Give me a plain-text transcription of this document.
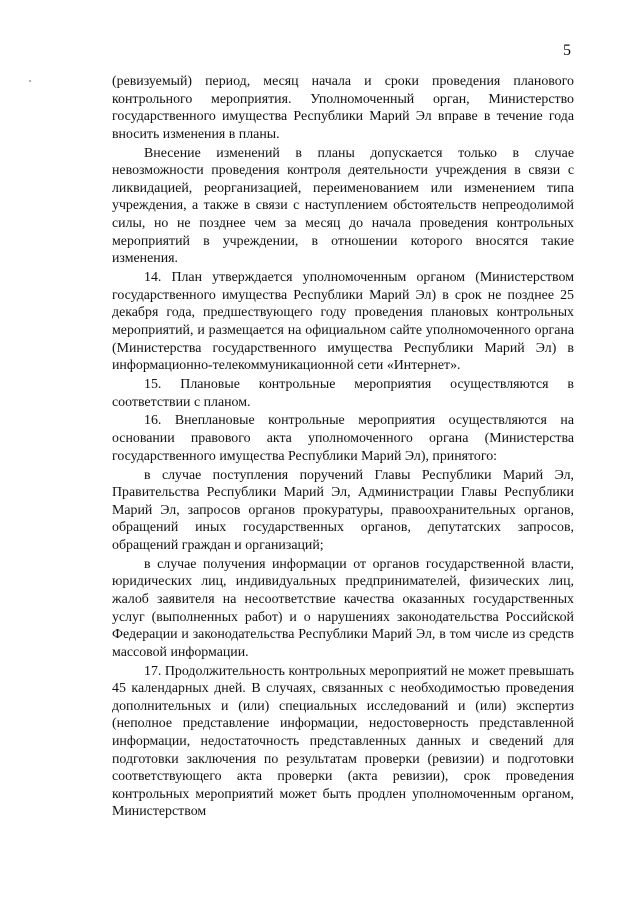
5

(ревизуемый) период, месяц начала и сроки проведения планового контрольного мероприятия. Уполномоченный орган, Министерство государственного имущества Республики Марий Эл вправе в течение года вносить изменения в планы.

Внесение изменений в планы допускается только в случае невозможности проведения контроля деятельности учреждения в связи с ликвидацией, реорганизацией, переименованием или изменением типа учреждения, а также в связи с наступлением обстоятельств непреодолимой силы, но не позднее чем за месяц до начала проведения контрольных мероприятий в учреждении, в отношении которого вносятся такие изменения.

14. План утверждается уполномоченным органом (Министерством государственного имущества Республики Марий Эл) в срок не позднее 25 декабря года, предшествующего году проведения плановых контрольных мероприятий, и размещается на официальном сайте уполномоченного органа (Министерства государственного имущества Республики Марий Эл) в информационно-телекоммуникационной сети «Интернет».

15. Плановые контрольные мероприятия осуществляются в соответствии с планом.

16. Внеплановые контрольные мероприятия осуществляются на основании правового акта уполномоченного органа (Министерства государственного имущества Республики Марий Эл), принятого:

в случае поступления поручений Главы Республики Марий Эл, Правительства Республики Марий Эл, Администрации Главы Республики Марий Эл, запросов органов прокуратуры, правоохранительных органов, обращений иных государственных органов, депутатских запросов, обращений граждан и организаций;

в случае получения информации от органов государственной власти, юридических лиц, индивидуальных предпринимателей, физических лиц, жалоб заявителя на несоответствие качества оказанных государственных услуг (выполненных работ) и о нарушениях законодательства Российской Федерации и законодательства Республики Марий Эл, в том числе из средств массовой информации.

17. Продолжительность контрольных мероприятий не может превышать 45 календарных дней. В случаях, связанных с необходимостью проведения дополнительных и (или) специальных исследований и (или) экспертиз (неполное представление информации, недостоверность представленной информации, недостаточность представленных данных и сведений для подготовки заключения по результатам проверки (ревизии) и подготовки соответствующего акта проверки (акта ревизии), срок проведения контрольных мероприятий может быть продлен уполномоченным органом, Министерством
